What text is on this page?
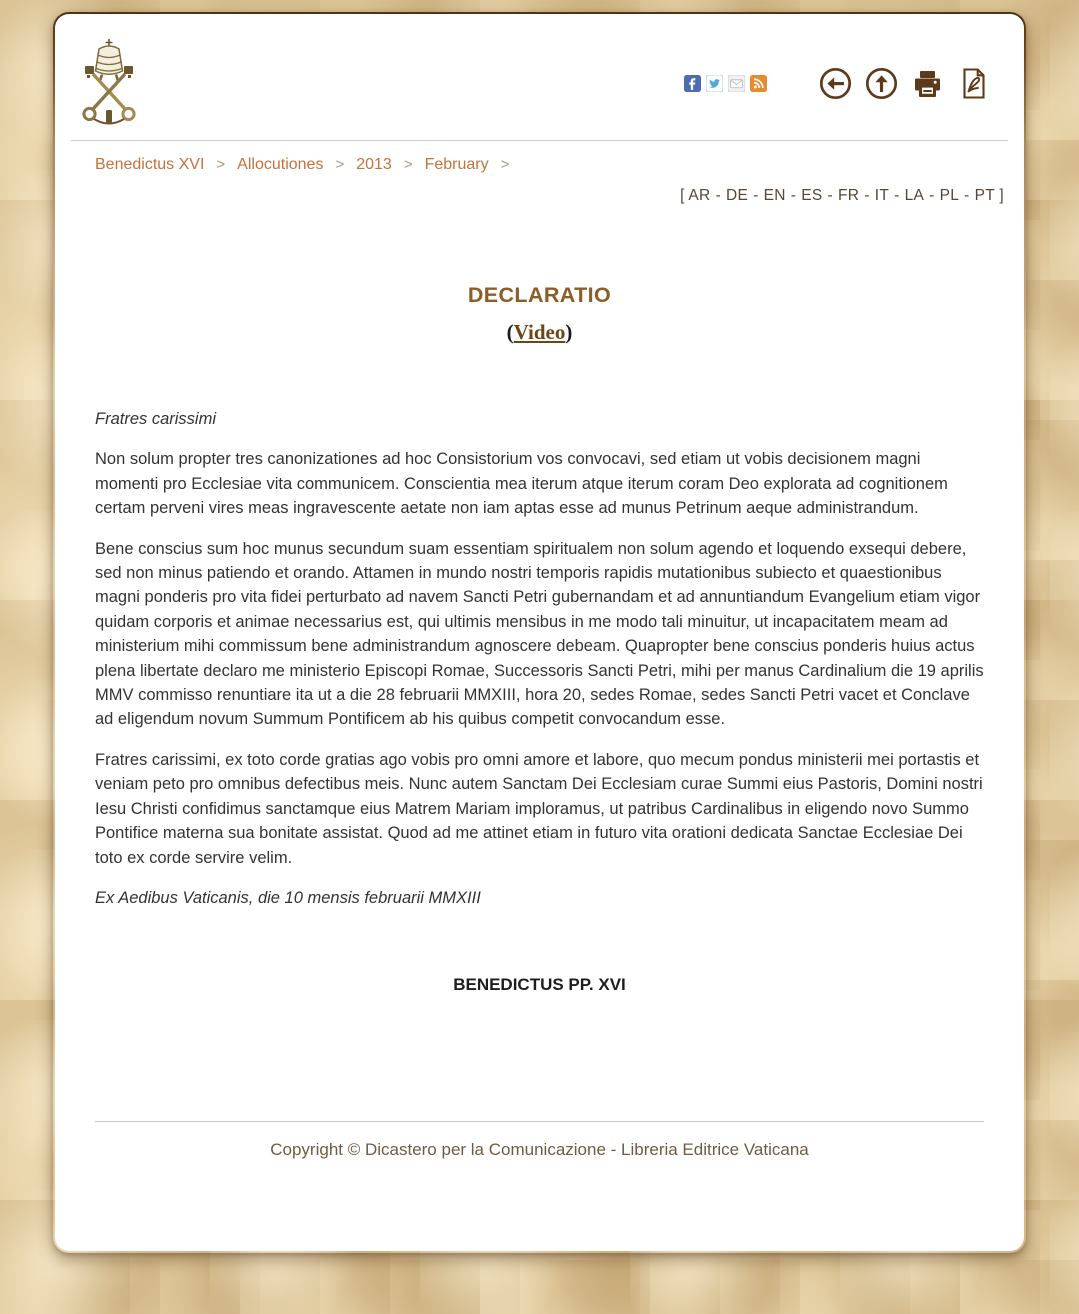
Benedictus XVI > Allocutiones > 2013 > February >
[ AR - DE - EN - ES - FR - IT - LA - PL - PT ]
DECLARATIO
(Video)

Fratres carissimi

Non solum propter tres canonizationes ad hoc Consistorium vos convocavi, sed etiam ut vobis decisionem magni momenti pro Ecclesiae vita communicem. Conscientia mea iterum atque iterum coram Deo explorata ad cognitionem certam perveni vires meas ingravescente aetate non iam aptas esse ad munus Petrinum aeque administrandum.

Bene conscius sum hoc munus secundum suam essentiam spiritualem non solum agendo et loquendo exsequi debere, sed non minus patiendo et orando. Attamen in mundo nostri temporis rapidis mutationibus subiecto et quaestionibus magni ponderis pro vita fidei perturbato ad navem Sancti Petri gubernandam et ad annuntiandum Evangelium etiam vigor quidam corporis et animae necessarius est, qui ultimis mensibus in me modo tali minuitur, ut incapacitatem meam ad ministerium mihi commissum bene administrandum agnoscere debeam. Quapropter bene conscius ponderis huius actus plena libertate declaro me ministerio Episcopi Romae, Successoris Sancti Petri, mihi per manus Cardinalium die 19 aprilis MMV commisso renuntiare ita ut a die 28 februarii MMXIII, hora 20, sedes Romae, sedes Sancti Petri vacet et Conclave ad eligendum novum Summum Pontificem ab his quibus competit convocandum esse.

Fratres carissimi, ex toto corde gratias ago vobis pro omni amore et labore, quo mecum pondus ministerii mei portastis et veniam peto pro omnibus defectibus meis. Nunc autem Sanctam Dei Ecclesiam curae Summi eius Pastoris, Domini nostri Iesu Christi confidimus sanctamque eius Matrem Mariam imploramus, ut patribus Cardinalibus in eligendo novo Summo Pontifice materna sua bonitate assistat. Quod ad me attinet etiam in futuro vita orationi dedicata Sanctae Ecclesiae Dei toto ex corde servire velim.

Ex Aedibus Vaticanis, die 10 mensis februarii MMXIII

BENEDICTUS PP. XVI

Copyright © Dicastero per la Comunicazione - Libreria Editrice Vaticana
